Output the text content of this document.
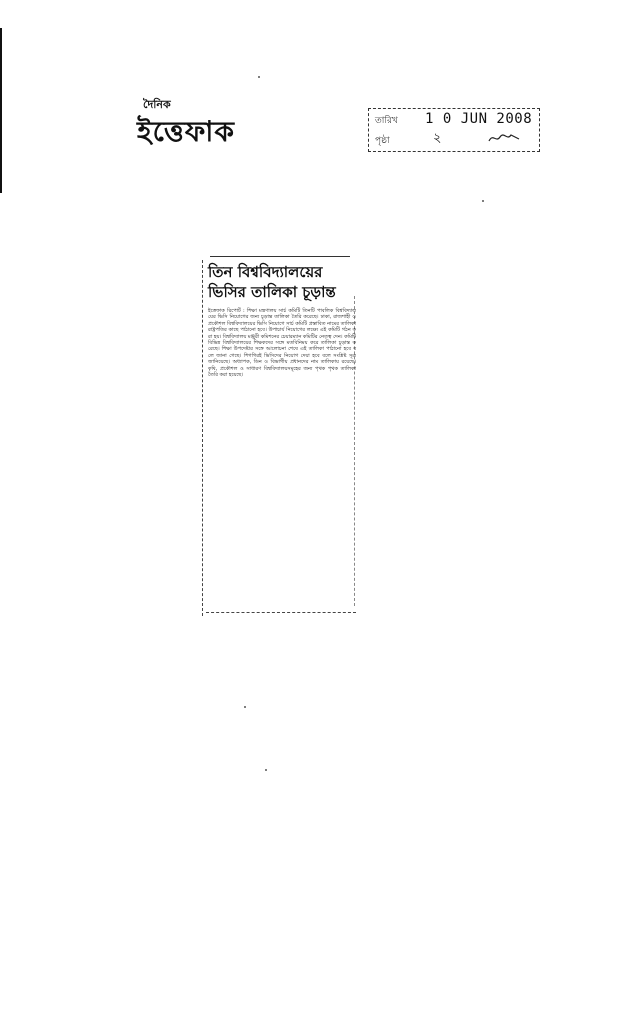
দৈনিক
ইত্তেফাক	তারিখ 1 0 JUN 2008
পৃষ্ঠা	২
তিন বিশ্ববিদ্যালয়ের
ভিসির তালিকা চূড়ান্ত
ইত্তেফাক রিপোর্ট : শিক্ষা মন্ত্রণালয় সার্চ কমিটি তিনটি পাবলিক বিশ্ববিদ্যালয়ের ভিসি নিয়োগের জন্য চূড়ান্ত তালিকা তৈরি করেছে। ঢাকা, রাজশাহী ও প্রকৌশল বিশ্ববিদ্যালয়ের ভিসি নিয়োগে সার্চ কমিটি প্রস্তাবিত নামের তালিকা রাষ্ট্রপতির কাছে পাঠানো হবে। উপাচার্য নিয়োগের লক্ষ্যে এই কমিটি গঠন করা হয়। বিশ্ববিদ্যালয় মঞ্জুরী কমিশনের চেয়ারম্যান কমিটির নেতৃত্ব দেন। কমিটি বিভিন্ন বিশ্ববিদ্যালয়ের শিক্ষকদের সঙ্গে মতবিনিময় করে তালিকা চূড়ান্ত করেছে। শিক্ষা উপদেষ্টার সঙ্গে আলোচনা শেষে এই তালিকা পাঠানো হবে বলে জানা গেছে। শিগগিরই ভিসিদের নিয়োগ দেয়া হবে বলে সংশ্লিষ্ট সূত্র জানিয়েছে। অধ্যাপক, ডিন ও বিভাগীয় প্রধানদের নাম তালিকায় রয়েছে। কৃষি, প্রকৌশল ও সাধারণ বিশ্ববিদ্যালয়সমূহের জন্য পৃথক পৃথক তালিকা তৈরি করা হয়েছে।
